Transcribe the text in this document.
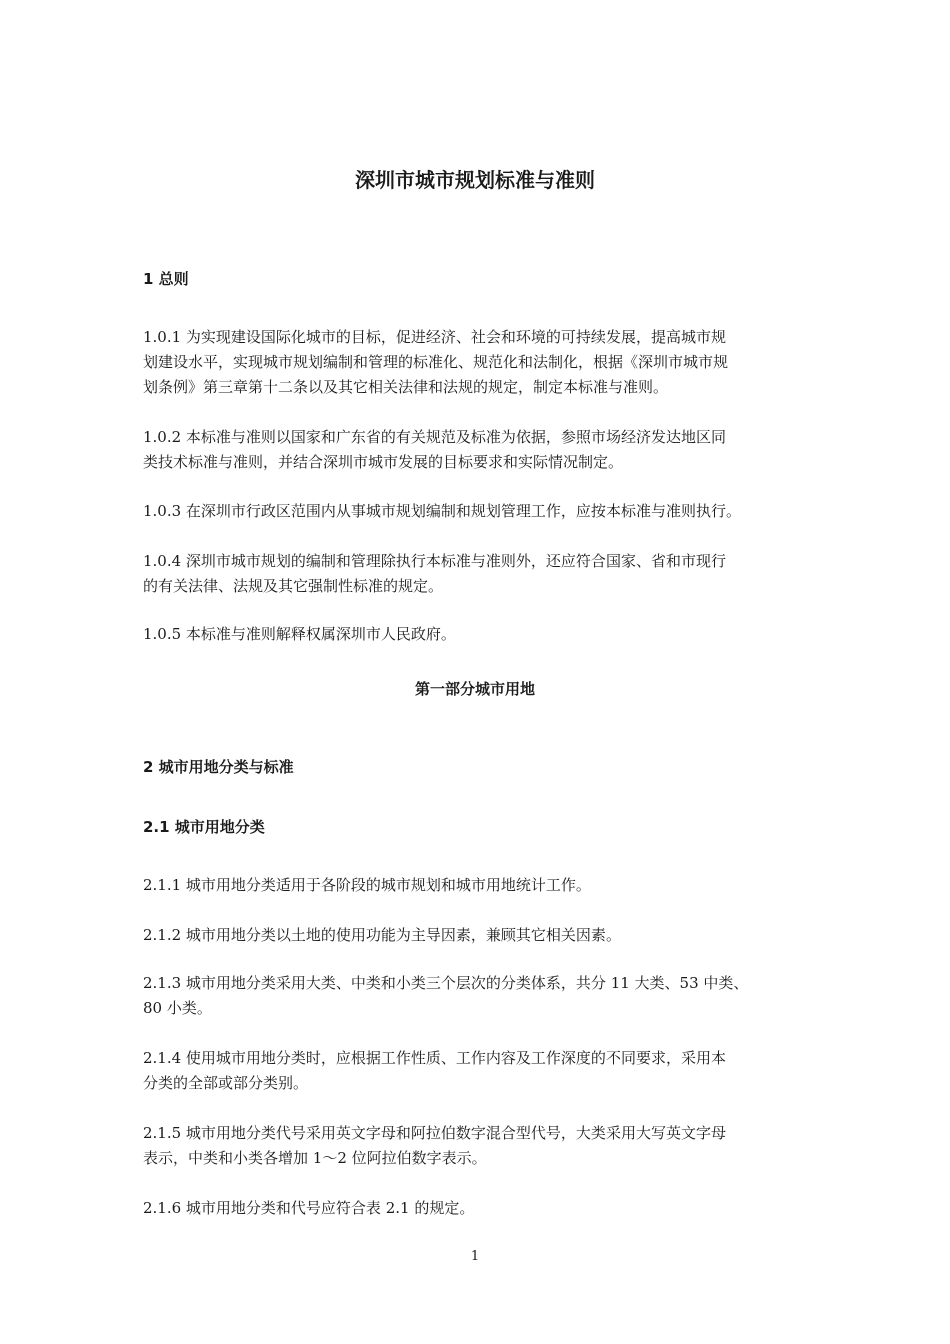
深圳市城市规划标准与准则
1 总则
1.0.1 为实现建设国际化城市的目标，促进经济、社会和环境的可持续发展，提高城市规
划建设水平，实现城市规划编制和管理的标准化、规范化和法制化，根据《深圳市城市规
划条例》第三章第十二条以及其它相关法律和法规的规定，制定本标准与准则。
1.0.2 本标准与准则以国家和广东省的有关规范及标准为依据，参照市场经济发达地区同
类技术标准与准则，并结合深圳市城市发展的目标要求和实际情况制定。
1.0.3 在深圳市行政区范围内从事城市规划编制和规划管理工作，应按本标准与准则执行。
1.0.4 深圳市城市规划的编制和管理除执行本标准与准则外，还应符合国家、省和市现行
的有关法律、法规及其它强制性标准的规定。
1.0.5 本标准与准则解释权属深圳市人民政府。
第一部分城市用地
2 城市用地分类与标准
2.1 城市用地分类
2.1.1 城市用地分类适用于各阶段的城市规划和城市用地统计工作。
2.1.2 城市用地分类以土地的使用功能为主导因素，兼顾其它相关因素。
2.1.3 城市用地分类采用大类、中类和小类三个层次的分类体系，共分 11 大类、53 中类、
80 小类。
2.1.4 使用城市用地分类时，应根据工作性质、工作内容及工作深度的不同要求，采用本
分类的全部或部分类别。
2.1.5 城市用地分类代号采用英文字母和阿拉伯数字混合型代号，大类采用大写英文字母
表示，中类和小类各增加 1～2 位阿拉伯数字表示。
2.1.6 城市用地分类和代号应符合表 2.1 的规定。
1
